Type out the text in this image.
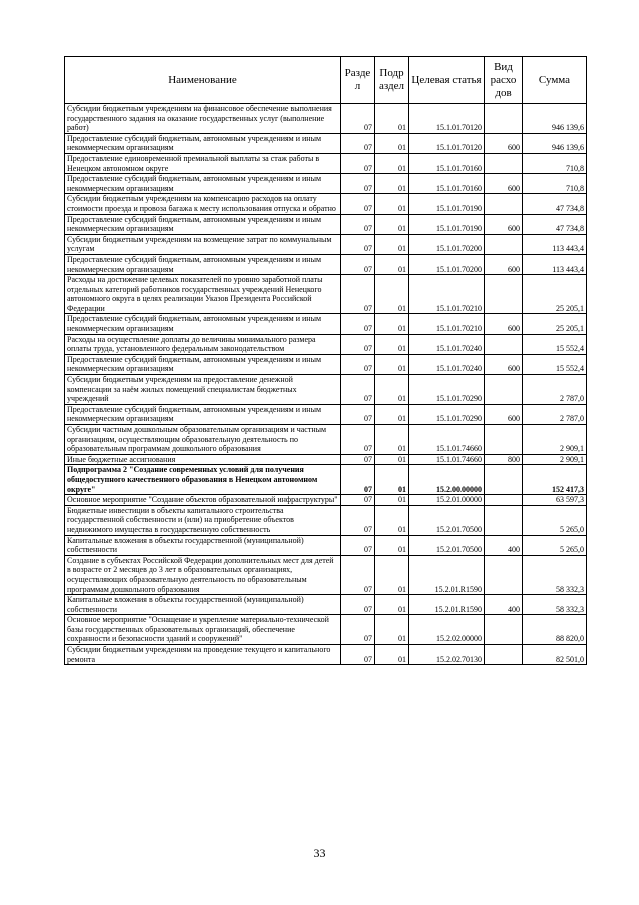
Наименование	Разде л	Подр аздел	Целевая статья	Вид расхо дов	Сумма
Субсидии бюджетным учреждениям на финансовое обеспечение выполнения государственного задания на оказание государственных услуг (выполнение работ)	07	01	15.1.01.70120		946 139,6
Предоставление субсидий бюджетным, автономным учреждениям и иным некоммерческим организациям	07	01	15.1.01.70120	600	946 139,6
Предоставление единовременной премиальной выплаты за стаж работы в Ненецком автономном округе	07	01	15.1.01.70160		710,8
Предоставление субсидий бюджетным, автономным учреждениям и иным некоммерческим организациям	07	01	15.1.01.70160	600	710,8
Субсидии бюджетным учреждениям на компенсацию расходов на оплату стоимости проезда и провоза багажа к месту использования отпуска и обратно	07	01	15.1.01.70190		47 734,8
Предоставление субсидий бюджетным, автономным учреждениям и иным некоммерческим организациям	07	01	15.1.01.70190	600	47 734,8
Субсидии бюджетным учреждениям на возмещение затрат по коммунальным услугам	07	01	15.1.01.70200		113 443,4
Предоставление субсидий бюджетным, автономным учреждениям и иным некоммерческим организациям	07	01	15.1.01.70200	600	113 443,4
Расходы на достижение целевых показателей по уровню заработной платы отдельных категорий работников государственных учреждений Ненецкого автономного округа в целях реализации Указов Президента Российской Федерации	07	01	15.1.01.70210		25 205,1
Предоставление субсидий бюджетным, автономным учреждениям и иным некоммерческим организациям	07	01	15.1.01.70210	600	25 205,1
Расходы на осуществление доплаты до величины минимального размера оплаты труда, установленного федеральным законодательством	07	01	15.1.01.70240		15 552,4
Предоставление субсидий бюджетным, автономным учреждениям и иным некоммерческим организациям	07	01	15.1.01.70240	600	15 552,4
Субсидии бюджетным учреждениям на предоставление денежной компенсации за наём жилых помещений специалистам бюджетных учреждений	07	01	15.1.01.70290		2 787,0
Предоставление субсидий бюджетным, автономным учреждениям и иным некоммерческим организациям	07	01	15.1.01.70290	600	2 787,0
Субсидии частным дошкольным образовательным организациям и частным организациям, осуществляющим образовательную деятельность по образовательным программам дошкольного образования	07	01	15.1.01.74660		2 909,1
Иные бюджетные ассигнования	07	01	15.1.01.74660	800	2 909,1
Подпрограмма 2 "Создание современных условий для получения общедоступного качественного образования в Ненецком автономном округе"	07	01	15.2.00.00000		152 417,3
Основное мероприятие "Создание объектов образовательной инфраструктуры"	07	01	15.2.01.00000		63 597,3
Бюджетные инвестиции в объекты капитального строительства государственной собственности и (или) на приобретение объектов недвижимого имущества в государственную собственность	07	01	15.2.01.70500		5 265,0
Капитальные вложения в объекты государственной (муниципальной) собственности	07	01	15.2.01.70500	400	5 265,0
Создание в субъектах Российской Федерации дополнительных мест для детей в возрасте от 2 месяцев до 3 лет в образовательных организациях, осуществляющих образовательную деятельность по образовательным программам дошкольного образования	07	01	15.2.01.R1590		58 332,3
Капитальные вложения в объекты государственной (муниципальной) собственности	07	01	15.2.01.R1590	400	58 332,3
Основное мероприятие "Оснащение и укрепление материально-технической базы государственных образовательных организаций, обеспечение сохранности и безопасности зданий и сооружений"	07	01	15.2.02.00000		88 820,0
Субсидии бюджетным учреждениям на проведение текущего и капитального ремонта	07	01	15.2.02.70130		82 501,0
33
